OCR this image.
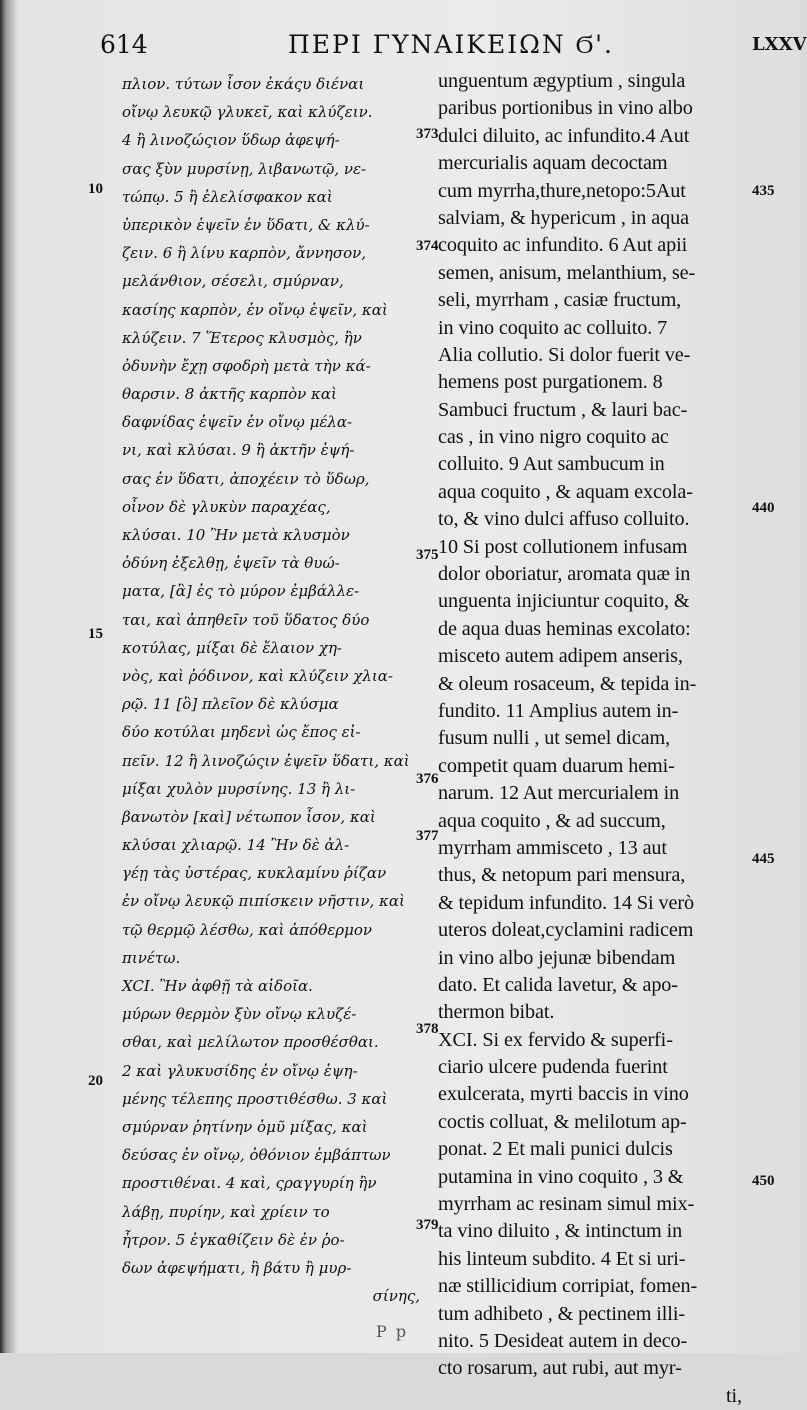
614	ΠΕΡΙ ΓΥΝΑΙΚΕΙΩΝ Ϭ'.	LXXV
πλιον. τύτων ἶσον ἑκάςυ διέναι
οἴνῳ λευκῷ γλυκεῖ, καὶ κλύζειν.
4 ἢ λινοζώςιον ὕδωρ ἀφεψή-
σας ξὺν μυρσίνῃ, λιβανωτῷ, νε-
τώπῳ. 5 ἢ ἐλελίσφακον καὶ
ὑπερικὸν ἑψεῖν ἐν ὕδατι, & κλύ-
ζειν. 6 ἢ λίνυ καρπὸν, ἄννησον,
μελάνθιον, σέσελι, σμύρναν,
κασίης καρπὸν, ἐν οἴνῳ ἑψεῖν, καὶ
κλύζειν. 7 Ἕτερος κλυσμὸς, ἢν
ὀδυνὴν ἔχῃ σφοδρὴ μετὰ τὴν κά-
θαρσιν. 8 ἀκτῆς καρπὸν καὶ
δαφνίδας ἑψεῖν ἐν οἴνῳ μέλα-
νι, καὶ κλύσαι. 9 ἢ ἀκτῆν ἑψή-
σας ἐν ὕδατι, ἀποχέειν τὸ ὕδωρ,
οἶνον δὲ γλυκὺν παραχέας,
κλύσαι. 10 Ἢν μετὰ κλυσμὸν
ὀδύνη ἐξελθῃ, ἑψεῖν τὰ θυώ-
ματα, [ἃ] ἐς τὸ μύρον ἐμβάλλε-
ται, καὶ ἀπηθεῖν τοῦ ὕδατος δύο
κοτύλας, μίξαι δὲ ἔλαιον χη-
νὸς, καὶ ῥόδινον, καὶ κλύζειν χλια-
ρῷ. 11 [ὃ] πλεῖον δὲ κλύσμα
δύο κοτύλαι μηδενὶ ὡς ἔπος εἰ-
πεῖν. 12 ἢ λινοζώςιν ἑψεῖν ὕδατι, καὶ
μίξαι χυλὸν μυρσίνης. 13 ἢ λι-
βανωτὸν [καὶ] νέτωπον ἶσον, καὶ
κλύσαι χλιαρῷ. 14 Ἢν δὲ ἀλ-
γέῃ τὰς ὑστέρας, κυκλαμίνυ ῥίζαν
ἐν οἴνῳ λευκῷ πιπίσκειν νῆστιν, καὶ
τῷ θερμῷ λέσθω, καὶ ἀπόθερμον
πινέτω.
XCI. Ἢν ἀφθῇ τὰ αἰδοῖα.
μύρων θερμὸν ξὺν οἴνῳ κλυζέ-
σθαι, καὶ μελίλωτον προσθέσθαι.
2 καὶ γλυκυσίδης ἐν οἴνῳ ἑψη-
μένης τέλεπης προστιθέσθω. 3 καὶ
σμύρναν ῥητίνην ὁμῦ μίξας, καὶ
δεύσας ἐν οἴνῳ, ὀθόνιον ἐμβάπτων
προστιθέναι. 4 καὶ, ςραγγυρίη ἢν
λάβῃ, πυρίην, καὶ χρίειν το
ἦτρον. 5 ἐγκαθίζειν δὲ ἐν ῥο-
δων ἀφεψήματι, ἢ βάτυ ἢ μυρ-
σίνης,
unguentum ægyptium , singula
paribus portionibus in vino albo
dulci diluito, ac infundito.4 Aut
mercurialis aquam decoctam
cum myrrha,thure,netopo:5Aut
salviam, & hypericum , in aqua
coquito ac infundito. 6 Aut apii
semen, anisum, melanthium, se-
seli, myrrham , casiæ fructum,
in vino coquito ac colluito. 7
Alia collutio. Si dolor fuerit ve-
hemens post purgationem. 8
Sambuci fructum , & lauri bac-
cas , in vino nigro coquito ac
colluito. 9 Aut sambucum in
aqua coquito , & aquam excola-
to, & vino dulci affuso colluito.
10 Si post collutionem infusam
dolor oboriatur, aromata quæ in
unguenta injiciuntur coquito, &
de aqua duas heminas excolato:
misceto autem adipem anseris,
& oleum rosaceum, & tepida in-
fundito. 11 Amplius autem in-
fusum nulli , ut semel dicam,
competit quam duarum hemi-
narum. 12 Aut mercurialem in
aqua coquito , & ad succum,
myrrham ammisceto , 13 aut
thus, & netopum pari mensura,
& tepidum infundito. 14 Si verò
uteros doleat,cyclamini radicem
in vino albo jejunæ bibendam
dato. Et calida lavetur, & apo-
thermon bibat.
XCI. Si ex fervido & superfi-
ciario ulcere pudenda fuerint
exulcerata, myrti baccis in vino
coctis colluat, & melilotum ap-
ponat. 2 Et mali punici dulcis
putamina in vino coquito , 3 &
myrrham ac resinam simul mix-
ta vino diluito , & intinctum in
his linteum subdito. 4 Et si uri-
næ stillicidium corripiat, fomen-
tum adhibeto , & pectinem illi-
nito. 5 Desideat autem in deco-
cto rosarum, aut rubi, aut myr-
ti,
10
15
20
373
374
375
376
377
378
379
435
440
445
450
P p
